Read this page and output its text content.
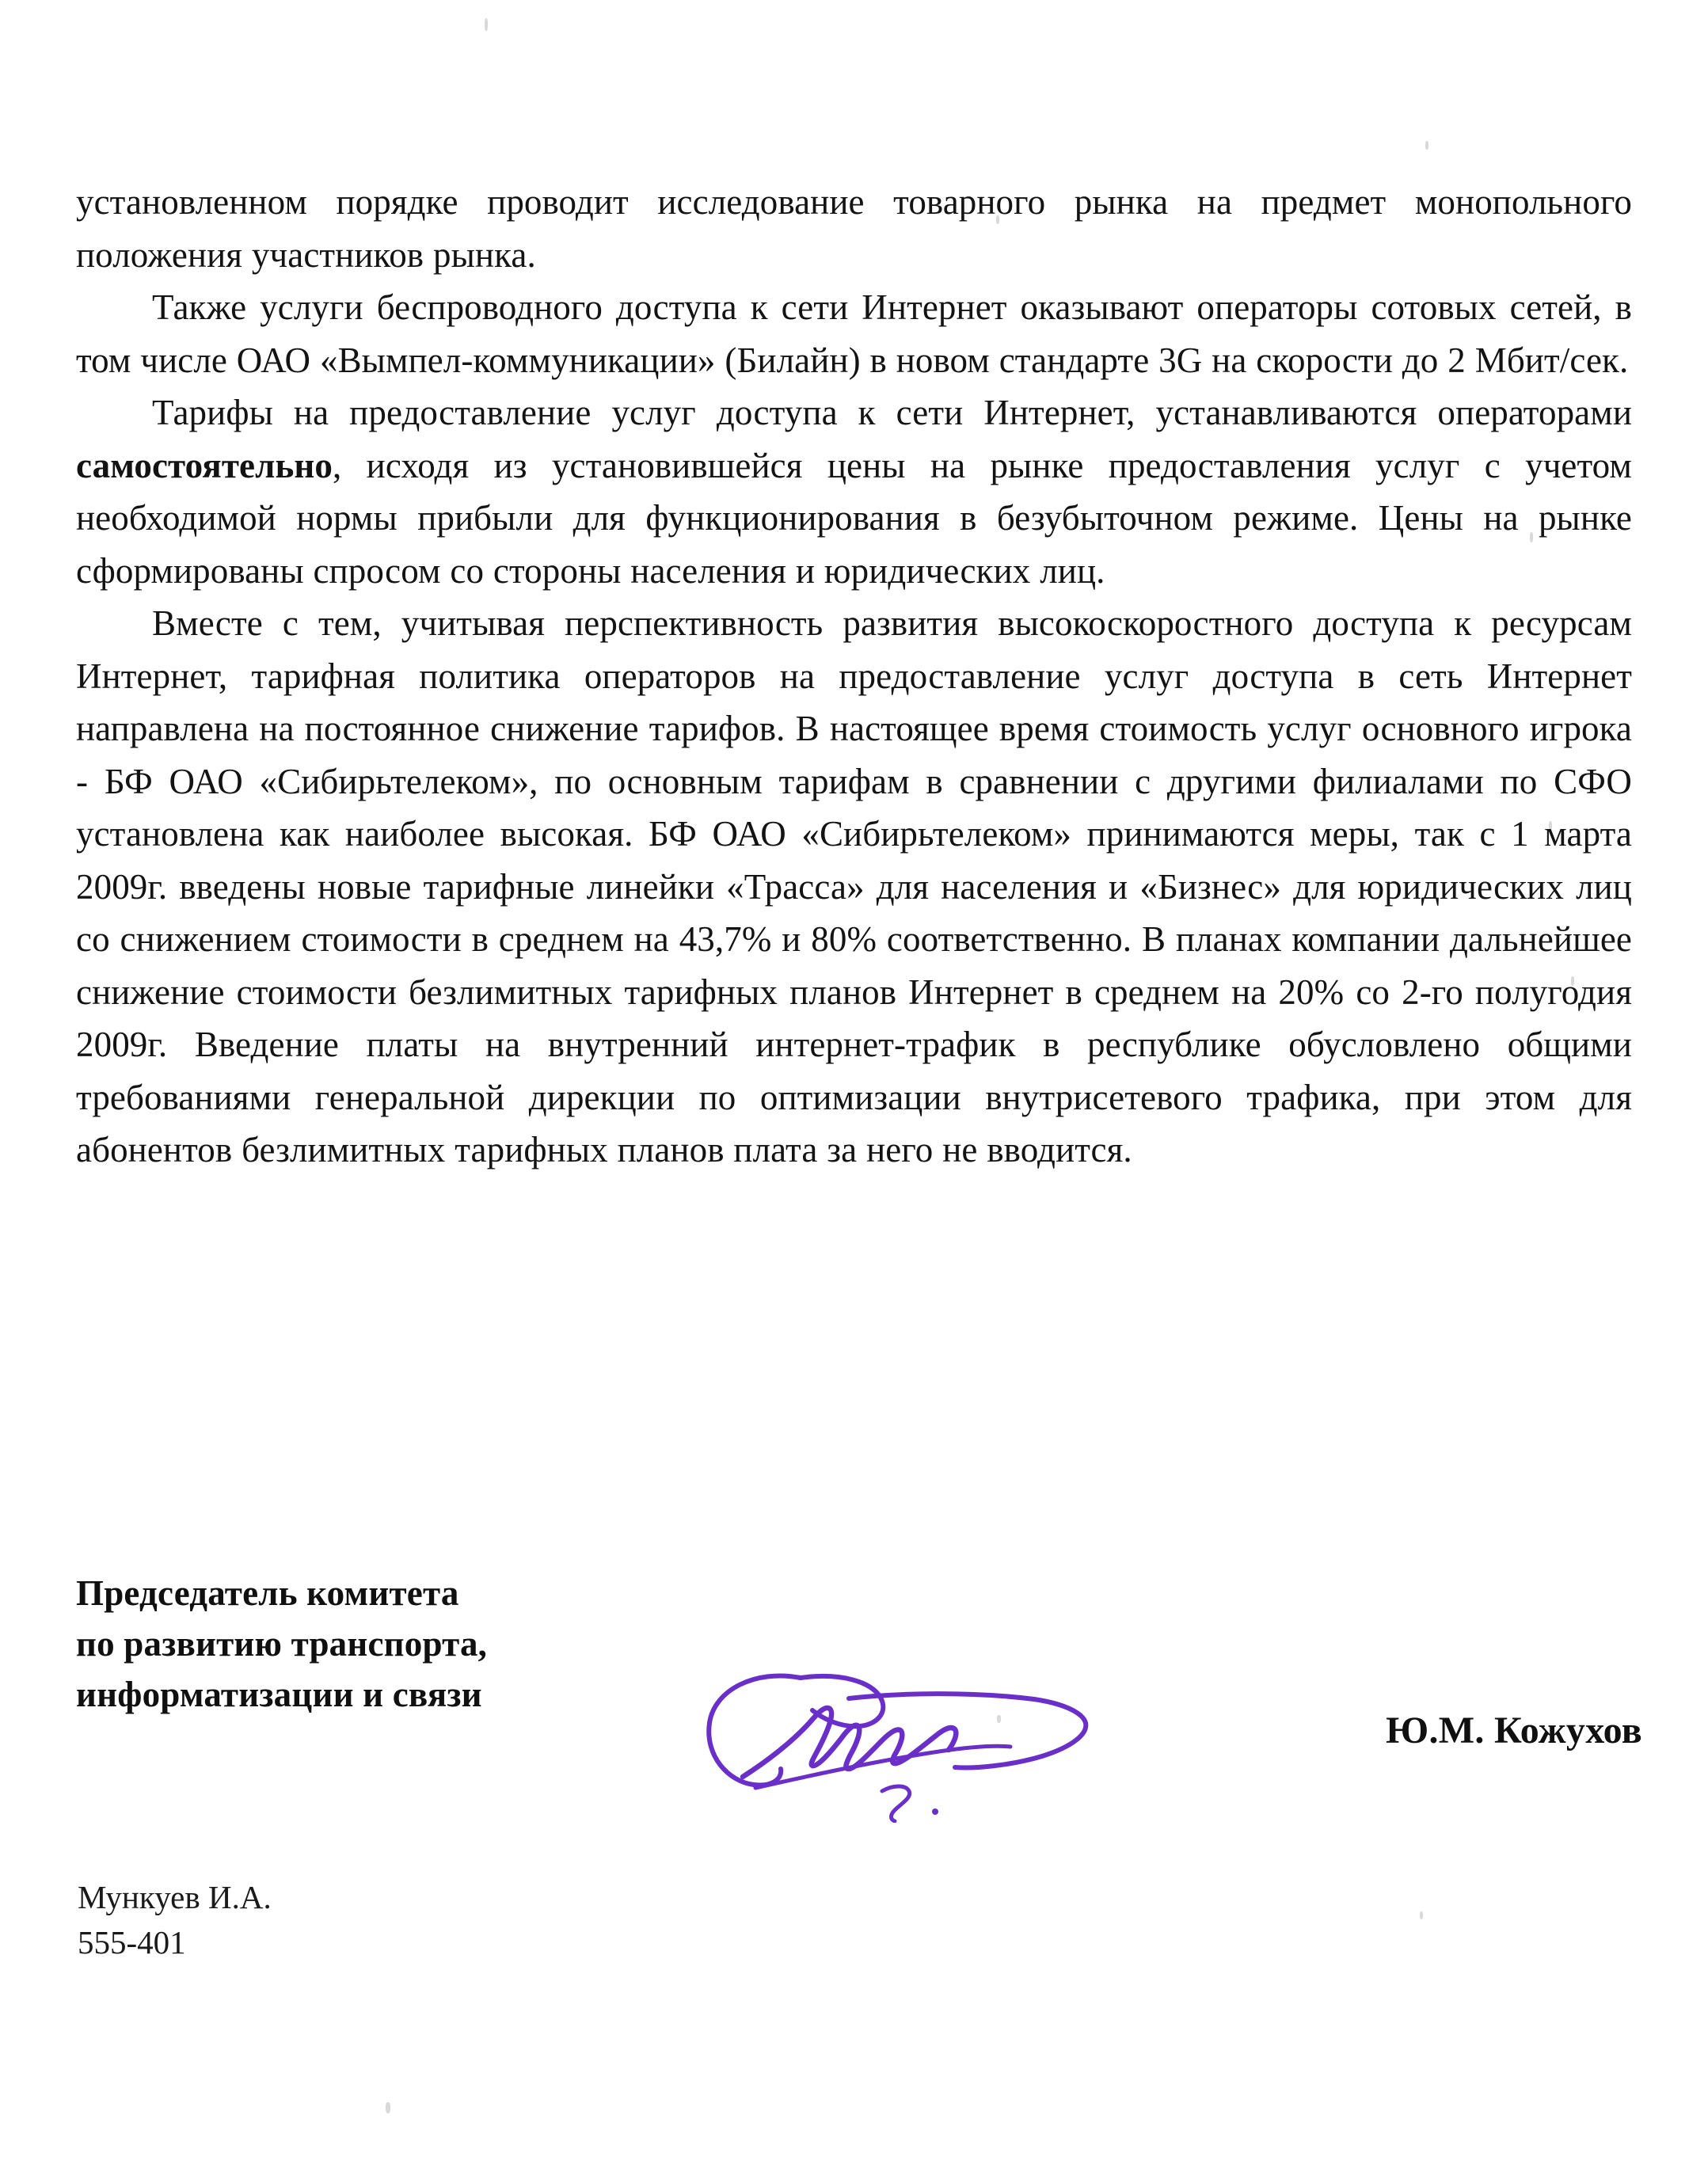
установленном порядке проводит исследование товарного рынка на предмет монопольного положения участников рынка.

Также услуги беспроводного доступа к сети Интернет оказывают операторы сотовых сетей, в том числе ОАО «Вымпел-коммуникации» (Билайн) в новом стандарте 3G на скорости до 2 Мбит/сек.

Тарифы на предоставление услуг доступа к сети Интернет, устанавливаются операторами самостоятельно, исходя из установившейся цены на рынке предоставления услуг с учетом необходимой нормы прибыли для функционирования в безубыточном режиме. Цены на рынке сформированы спросом со стороны населения и юридических лиц.

Вместе с тем, учитывая перспективность развития высокоскоростного доступа к ресурсам Интернет, тарифная политика операторов на предоставление услуг доступа в сеть Интернет направлена на постоянное снижение тарифов. В настоящее время стоимость услуг основного игрока - БФ ОАО «Сибирьтелеком», по основным тарифам в сравнении с другими филиалами по СФО установлена как наиболее высокая. БФ ОАО «Сибирьтелеком» принимаются меры, так с 1 марта 2009г. введены новые тарифные линейки «Трасса» для населения и «Бизнес» для юридических лиц со снижением стоимости в среднем на 43,7% и 80% соответственно. В планах компании дальнейшее снижение стоимости безлимитных тарифных планов Интернет в среднем на 20% со 2-го полугодия 2009г. Введение платы на внутренний интернет-трафик в республике обусловлено общими требованиями генеральной дирекции по оптимизации внутрисетевого трафика, при этом для абонентов безлимитных тарифных планов плата за него не вводится.

Председатель комитета
по развитию транспорта,
информатизации и связи
Ю.М. Кожухов
Мункуев И.А.
555-401
